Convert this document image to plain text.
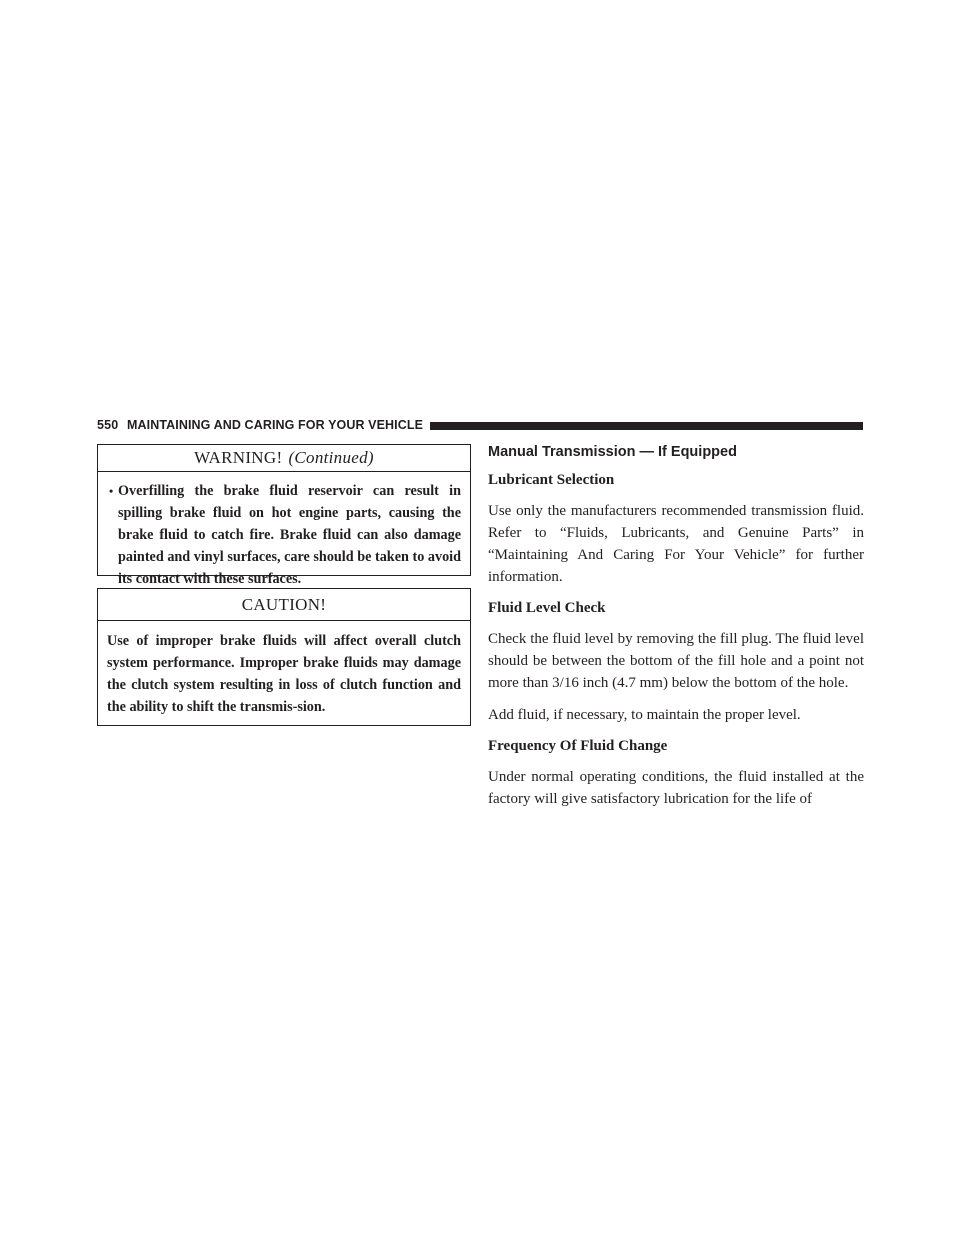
550 MAINTAINING AND CARING FOR YOUR VEHICLE
WARNING! (Continued)
• Overfilling the brake fluid reservoir can result in spilling brake fluid on hot engine parts, causing the brake fluid to catch fire. Brake fluid can also damage painted and vinyl surfaces, care should be taken to avoid its contact with these surfaces.
CAUTION!
Use of improper brake fluids will affect overall clutch system performance. Improper brake fluids may damage the clutch system resulting in loss of clutch function and the ability to shift the transmis-sion.
Manual Transmission — If Equipped
Lubricant Selection

Use only the manufacturers recommended transmission fluid. Refer to “Fluids, Lubricants, and Genuine Parts” in “Maintaining And Caring For Your Vehicle” for further information.

Fluid Level Check

Check the fluid level by removing the fill plug. The fluid level should be between the bottom of the fill hole and a point not more than 3/16 inch (4.7 mm) below the bottom of the hole.

Add fluid, if necessary, to maintain the proper level.

Frequency Of Fluid Change

Under normal operating conditions, the fluid installed at the factory will give satisfactory lubrication for the life of
